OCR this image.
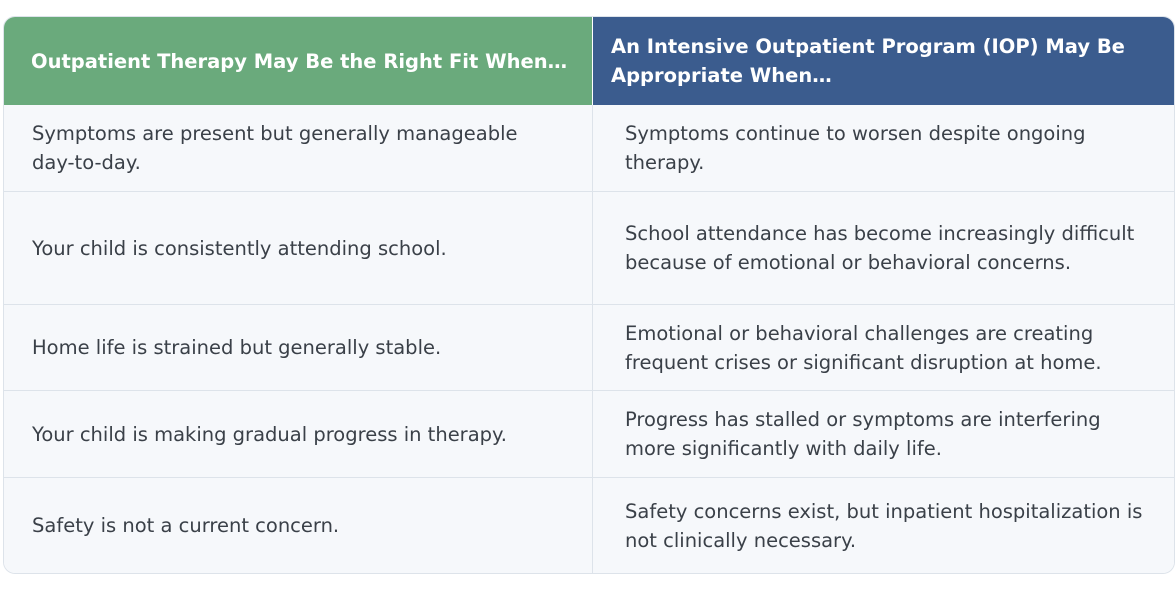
Outpatient Therapy May Be the Right Fit When…
An Intensive Outpatient Program (IOP) May Be Appropriate When…
Symptoms are present but generally manageable day-to-day.
Symptoms continue to worsen despite ongoing therapy.
Your child is consistently attending school.
School attendance has become increasingly difficult because of emotional or behavioral concerns.
Home life is strained but generally stable.
Emotional or behavioral challenges are creating frequent crises or significant disruption at home.
Your child is making gradual progress in therapy.
Progress has stalled or symptoms are interfering more significantly with daily life.
Safety is not a current concern.
Safety concerns exist, but inpatient hospitalization is not clinically necessary.
